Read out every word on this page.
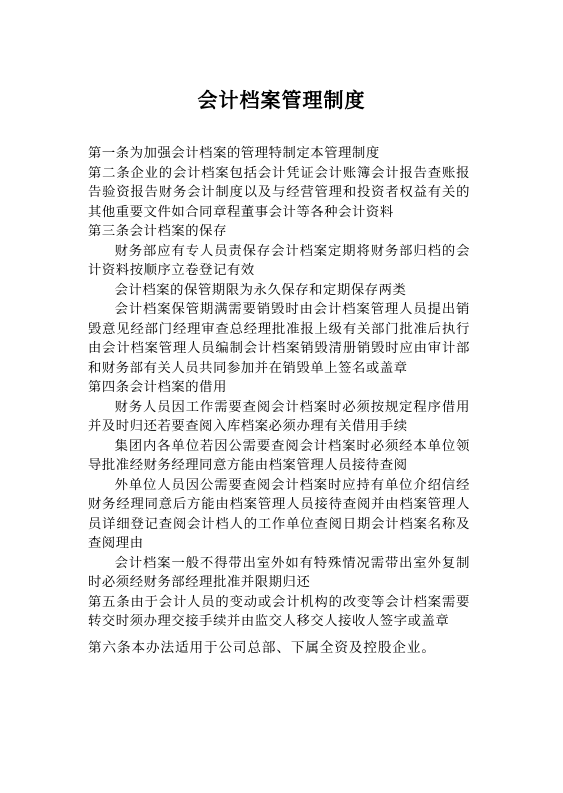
会计档案管理制度

第一条为加强会计档案的管理特制定本管理制度

第二条企业的会计档案包括会计凭证会计账簿会计报告查账报告验资报告财务会计制度以及与经营管理和投资者权益有关的其他重要文件如合同章程董事会计等各种会计资料

第三条会计档案的保存

财务部应有专人员责保存会计档案定期将财务部归档的会计资料按顺序立卷登记有效

会计档案的保管期限为永久保存和定期保存两类

会计档案保管期满需要销毁时由会计档案管理人员提出销毁意见经部门经理审查总经理批准报上级有关部门批准后执行由会计档案管理人员编制会计档案销毁清册销毁时应由审计部和财务部有关人员共同参加并在销毁单上签名或盖章

第四条会计档案的借用

财务人员因工作需要查阅会计档案时必须按规定程序借用并及时归还若要查阅入库档案必须办理有关借用手续

集团内各单位若因公需要查阅会计档案时必须经本单位领导批准经财务经理同意方能由档案管理人员接待查阅

外单位人员因公需要查阅会计档案时应持有单位介绍信经财务经理同意后方能由档案管理人员接待查阅并由档案管理人员详细登记查阅会计档人的工作单位查阅日期会计档案名称及查阅理由

会计档案一般不得带出室外如有特殊情况需带出室外复制时必须经财务部经理批准并限期归还

第五条由于会计人员的变动或会计机构的改变等会计档案需要转交时须办理交接手续并由监交人移交人接收人签字或盖章

第六条本办法适用于公司总部、下属全资及控股企业。
